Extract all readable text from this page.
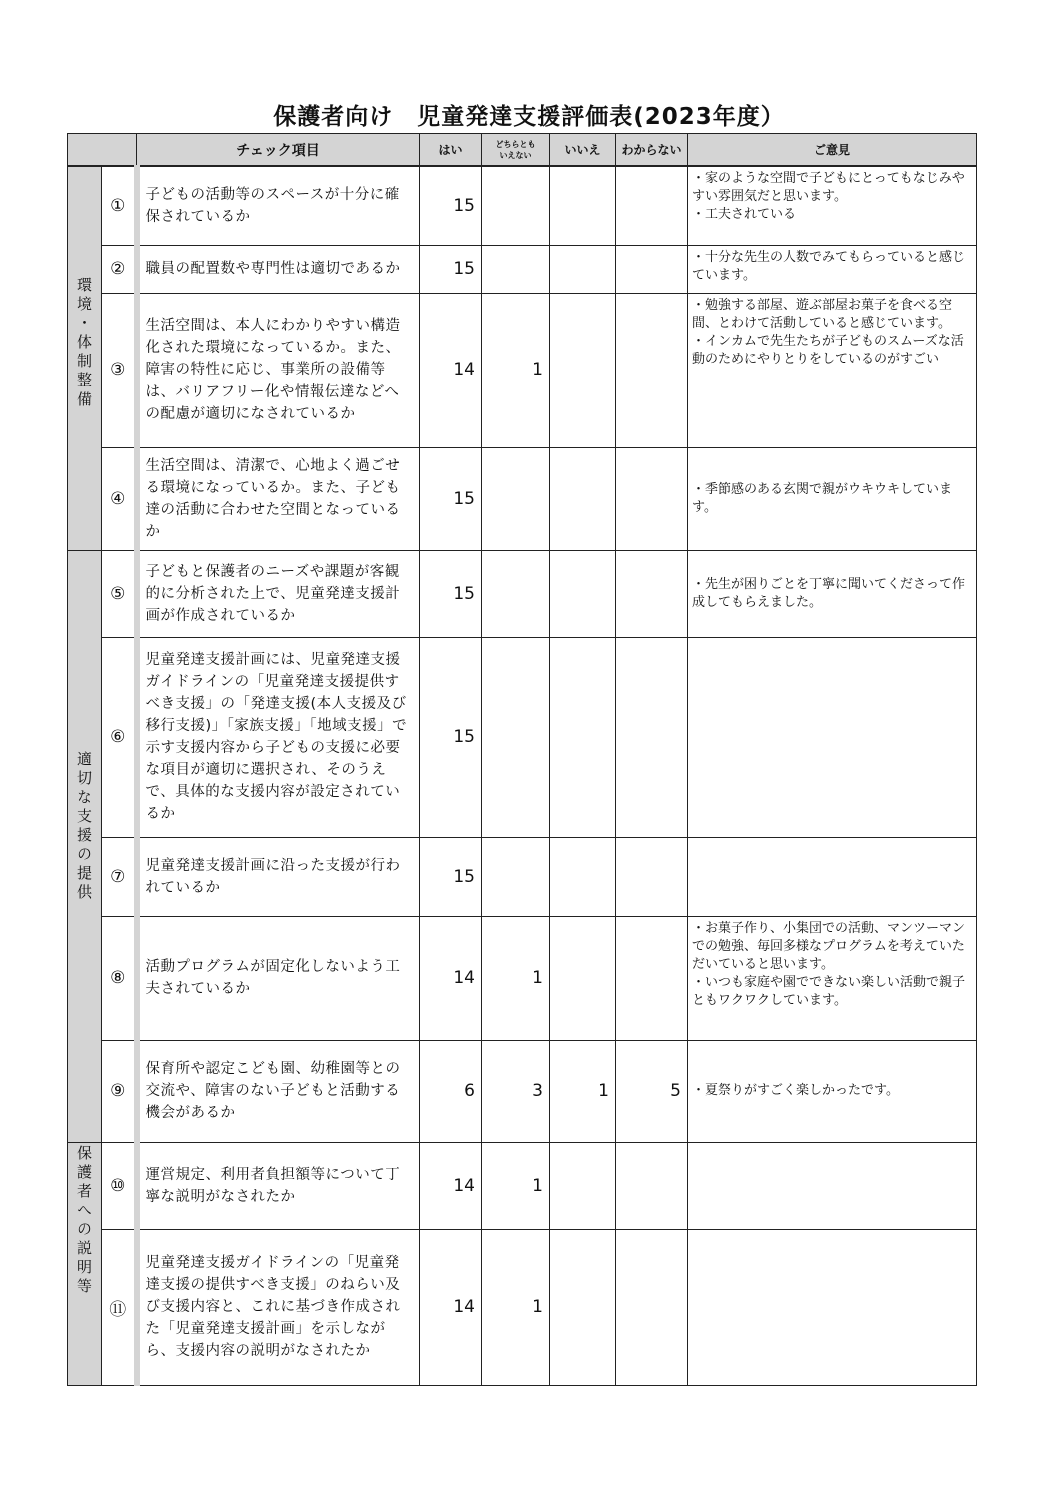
保護者向け　児童発達支援評価表(2023年度）
		チェック項目	はい	どちらとも
いえない	いいえ	わからない	ご意見

環境・体制整備	①	子どもの活動等のスペースが十分に確保されているか	15				・家のような空間で子どもにとってもなじみやすい雰囲気だと思います。
・工夫されている

	②	職員の配置数や専門性は適切であるか	15				・十分な先生の人数でみてもらっていると感じています。

	③	生活空間は、本人にわかりやすい構造化された環境になっているか。また、障害の特性に応じ、事業所の設備等は、バリアフリー化や情報伝達などへの配慮が適切になされているか	14	1			・勉強する部屋、遊ぶ部屋お菓子を食べる空間、とわけて活動していると感じています。
・インカムで先生たちが子どものスムーズな活動のためにやりとりをしているのがすごい

	④	生活空間は、清潔で、心地よく過ごせる環境になっているか。また、子ども達の活動に合わせた空間となっているか	15				・季節感のある玄関で親がウキウキしています。

適切な支援の提供	⑤	子どもと保護者のニーズや課題が客観的に分析された上で、児童発達支援計画が作成されているか	15				・先生が困りごとを丁寧に聞いてくださって作成してもらえました。

	⑥	児童発達支援計画には、児童発達支援ガイドラインの「児童発達支援提供すべき支援」の「発達支援(本人支援及び移行支援)」「家族支援」「地域支援」で示す支援内容から子どもの支援に必要な項目が適切に選択され、そのうえで、具体的な支援内容が設定されているか	15				
	⑦	児童発達支援計画に沿った支援が行われているか	15				
	⑧	活動プログラムが固定化しないよう工夫されているか	14	1			・お菓子作り、小集団での活動、マンツーマンでの勉強、毎回多様なプログラムを考えていただいていると思います。
・いつも家庭や園でできない楽しい活動で親子ともワクワクしています。

	⑨	保育所や認定こども園、幼稚園等との交流や、障害のない子どもと活動する機会があるか	6	3	1	5	・夏祭りがすごく楽しかったです。

保護者への説明等	⑩	運営規定、利用者負担額等について丁寧な説明がなされたか	14	1			
	⑪	児童発達支援ガイドラインの「児童発達支援の提供すべき支援」のねらい及び支援内容と、これに基づき作成された「児童発達支援計画」を示しながら、支援内容の説明がなされたか	14	1			
